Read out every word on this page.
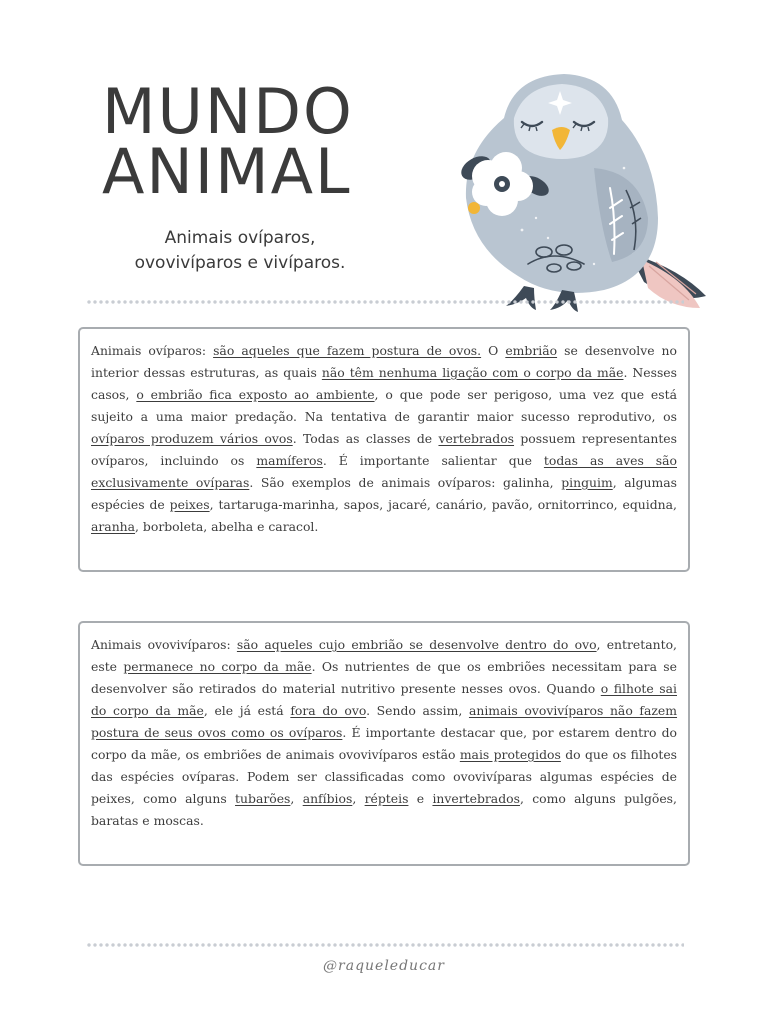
MUNDO
ANIMAL
Animais ovíparos,
ovovivíparos e vivíparos.
Animais ovíparos: são aqueles que fazem postura de ovos. O embrião se desenvolve no interior dessas estruturas, as quais não têm nenhuma ligação com o corpo da mãe. Nesses casos, o embrião fica exposto ao ambiente, o que pode ser perigoso, uma vez que está sujeito a uma maior predação. Na tentativa de garantir maior sucesso reprodutivo, os ovíparos produzem vários ovos. Todas as classes de vertebrados possuem representantes ovíparos, incluindo os mamíferos. É importante salientar que todas as aves são exclusivamente ovíparas. São exemplos de animais ovíparos: galinha, pinguim, algumas espécies de peixes, tartaruga-marinha, sapos, jacaré, canário, pavão, ornitorrinco, equidna, aranha, borboleta, abelha e caracol.
Animais ovovivíparos: são aqueles cujo embrião se desenvolve dentro do ovo, entretanto, este permanece no corpo da mãe. Os nutrientes de que os embriões necessitam para se desenvolver são retirados do material nutritivo presente nesses ovos. Quando o filhote sai do corpo da mãe, ele já está fora do ovo. Sendo assim, animais ovovivíparos não fazem postura de seus ovos como os ovíparos. É importante destacar que, por estarem dentro do corpo da mãe, os embriões de animais ovovivíparos estão mais protegidos do que os filhotes das espécies ovíparas. Podem ser classificadas como ovovivíparas algumas espécies de peixes, como alguns tubarões, anfíbios, répteis e invertebrados, como alguns pulgões, baratas e moscas.
@raqueleducar
